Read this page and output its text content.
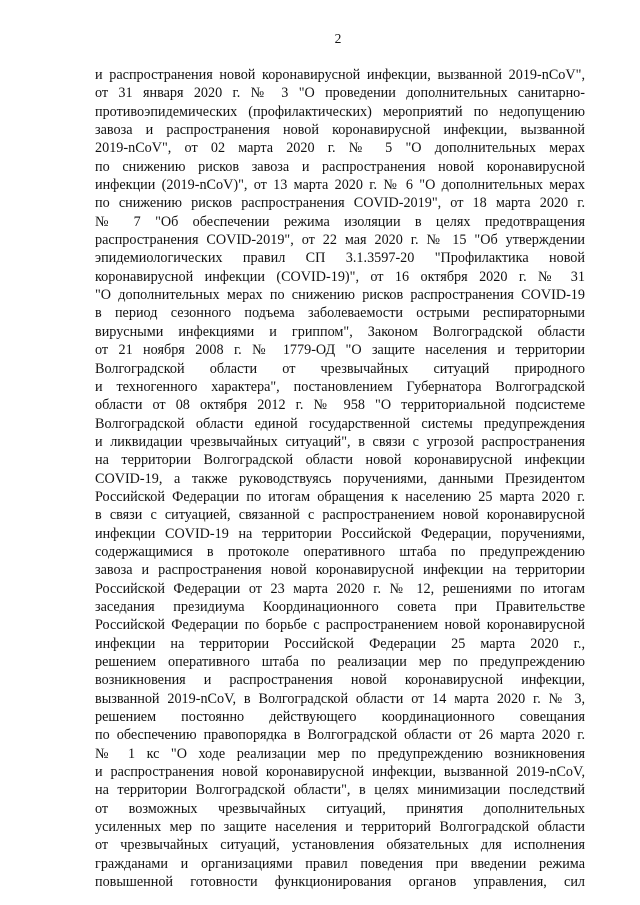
2
и распространения новой коронавирусной инфекции, вызванной 2019-nCoV",
от 31 января 2020 г. № 3 "О проведении дополнительных санитарно-
противоэпидемических (профилактических) мероприятий по недопущению
завоза и распространения новой коронавирусной инфекции, вызванной
2019-nCoV", от 02 марта 2020 г. № 5 "О дополнительных мерах
по снижению рисков завоза и распространения новой коронавирусной
инфекции (2019-nCoV)", от 13 марта 2020 г. № 6 "О дополнительных мерах
по снижению рисков распространения COVID-2019", от 18 марта 2020 г.
№ 7 "Об обеспечении режима изоляции в целях предотвращения
распространения COVID-2019", от 22 мая 2020 г. № 15 "Об утверждении
эпидемиологических правил СП 3.1.3597-20 "Профилактика новой
коронавирусной инфекции (COVID-19)", от 16 октября 2020 г. № 31
"О дополнительных мерах по снижению рисков распространения COVID-19
в период сезонного подъема заболеваемости острыми респираторными
вирусными инфекциями и гриппом", Законом Волгоградской области
от 21 ноября 2008 г. № 1779-ОД "О защите населения и территории
Волгоградской области от чрезвычайных ситуаций природного
и техногенного характера", постановлением Губернатора Волгоградской
области от 08 октября 2012 г. № 958 "О территориальной подсистеме
Волгоградской области единой государственной системы предупреждения
и ликвидации чрезвычайных ситуаций", в связи с угрозой распространения
на территории Волгоградской области новой коронавирусной инфекции
COVID-19, а также руководствуясь поручениями, данными Президентом
Российской Федерации по итогам обращения к населению 25 марта 2020 г.
в связи с ситуацией, связанной с распространением новой коронавирусной
инфекции COVID-19 на территории Российской Федерации, поручениями,
содержащимися в протоколе оперативного штаба по предупреждению
завоза и распространения новой коронавирусной инфекции на территории
Российской Федерации от 23 марта 2020 г. № 12, решениями по итогам
заседания президиума Координационного совета при Правительстве
Российской Федерации по борьбе с распространением новой коронавирусной
инфекции на территории Российской Федерации 25 марта 2020 г.,
решением оперативного штаба по реализации мер по предупреждению
возникновения и распространения новой коронавирусной инфекции,
вызванной 2019-nCoV, в Волгоградской области от 14 марта 2020 г. № 3,
решением постоянно действующего координационного совещания
по обеспечению правопорядка в Волгоградской области от 26 марта 2020 г.
№ 1 кс "О ходе реализации мер по предупреждению возникновения
и распространения новой коронавирусной инфекции, вызванной 2019-nCoV,
на территории Волгоградской области", в целях минимизации последствий
от возможных чрезвычайных ситуаций, принятия дополнительных
усиленных мер по защите населения и территорий Волгоградской области
от чрезвычайных ситуаций, установления обязательных для исполнения
гражданами и организациями правил поведения при введении режима
повышенной готовности функционирования органов управления, сил
